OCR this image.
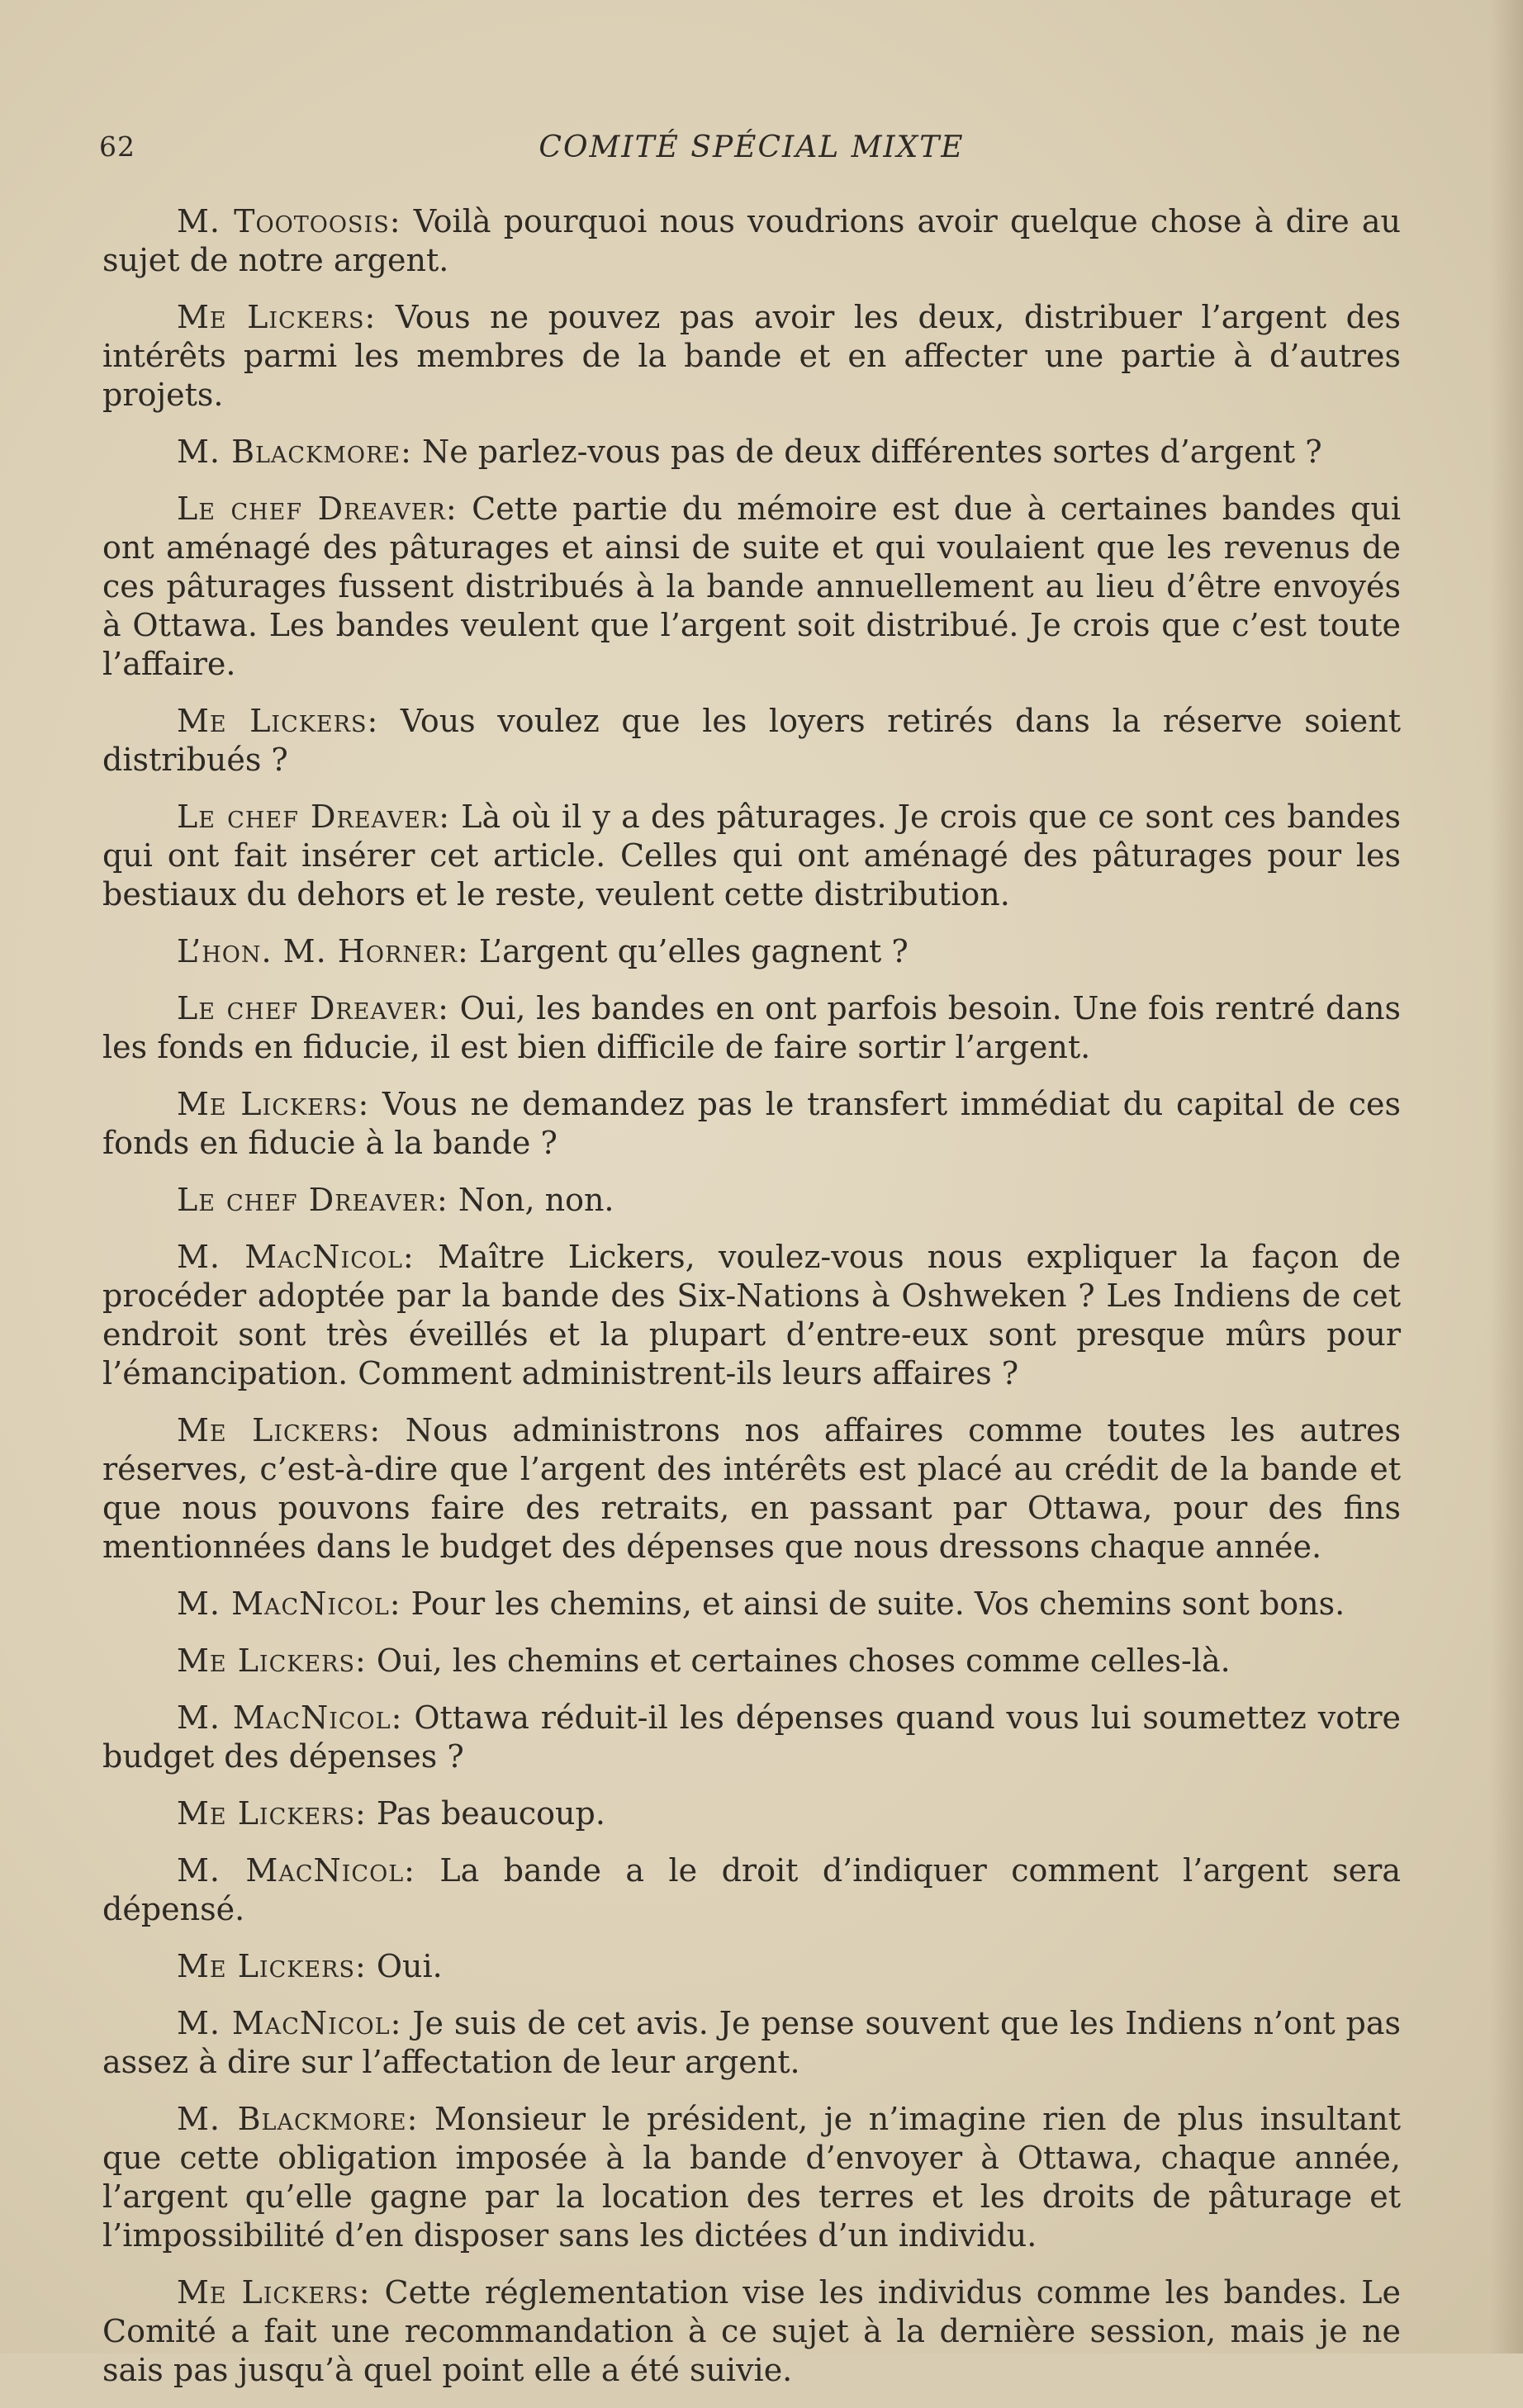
62	COMITÉ SPÉCIAL MIXTE

M. Tootoosis: Voilà pourquoi nous voudrions avoir quelque chose à dire au sujet de notre argent.

Me Lickers: Vous ne pouvez pas avoir les deux, distribuer l’argent des intérêts parmi les membres de la bande et en affecter une partie à d’autres projets.

M. Blackmore: Ne parlez-vous pas de deux différentes sortes d’argent ?

Le chef Dreaver: Cette partie du mémoire est due à certaines bandes qui ont aménagé des pâturages et ainsi de suite et qui voulaient que les revenus de ces pâturages fussent distribués à la bande annuellement au lieu d’être envoyés à Ottawa. Les bandes veulent que l’argent soit distribué. Je crois que c’est toute l’affaire.

Me Lickers: Vous voulez que les loyers retirés dans la réserve soient distribués ?

Le chef Dreaver: Là où il y a des pâturages. Je crois que ce sont ces bandes qui ont fait insérer cet article. Celles qui ont aménagé des pâturages pour les bestiaux du dehors et le reste, veulent cette distribution.

L’hon. M. Horner: L’argent qu’elles gagnent ?

Le chef Dreaver: Oui, les bandes en ont parfois besoin. Une fois rentré dans les fonds en fiducie, il est bien difficile de faire sortir l’argent.

Me Lickers: Vous ne demandez pas le transfert immédiat du capital de ces fonds en fiducie à la bande ?

Le chef Dreaver: Non, non.

M. MacNicol: Maître Lickers, voulez-vous nous expliquer la façon de procéder adoptée par la bande des Six-Nations à Oshweken ? Les Indiens de cet endroit sont très éveillés et la plupart d’entre-eux sont presque mûrs pour l’émancipation. Comment administrent-ils leurs affaires ?

Me Lickers: Nous administrons nos affaires comme toutes les autres réserves, c’est-à-dire que l’argent des intérêts est placé au crédit de la bande et que nous pouvons faire des retraits, en passant par Ottawa, pour des fins mentionnées dans le budget des dépenses que nous dressons chaque année.

M. MacNicol: Pour les chemins, et ainsi de suite. Vos chemins sont bons.

Me Lickers: Oui, les chemins et certaines choses comme celles-là.

M. MacNicol: Ottawa réduit-il les dépenses quand vous lui soumettez votre budget des dépenses ?

Me Lickers: Pas beaucoup.

M. MacNicol: La bande a le droit d’indiquer comment l’argent sera dépensé.

Me Lickers: Oui.

M. MacNicol: Je suis de cet avis. Je pense souvent que les Indiens n’ont pas assez à dire sur l’affectation de leur argent.

M. Blackmore: Monsieur le président, je n’imagine rien de plus insultant que cette obligation imposée à la bande d’envoyer à Ottawa, chaque année, l’argent qu’elle gagne par la location des terres et les droits de pâturage et l’impossibilité d’en disposer sans les dictées d’un individu.

Me Lickers: Cette réglementation vise les individus comme les bandes. Le Comité a fait une recommandation à ce sujet à la dernière session, mais je ne sais pas jusqu’à quel point elle a été suivie.
